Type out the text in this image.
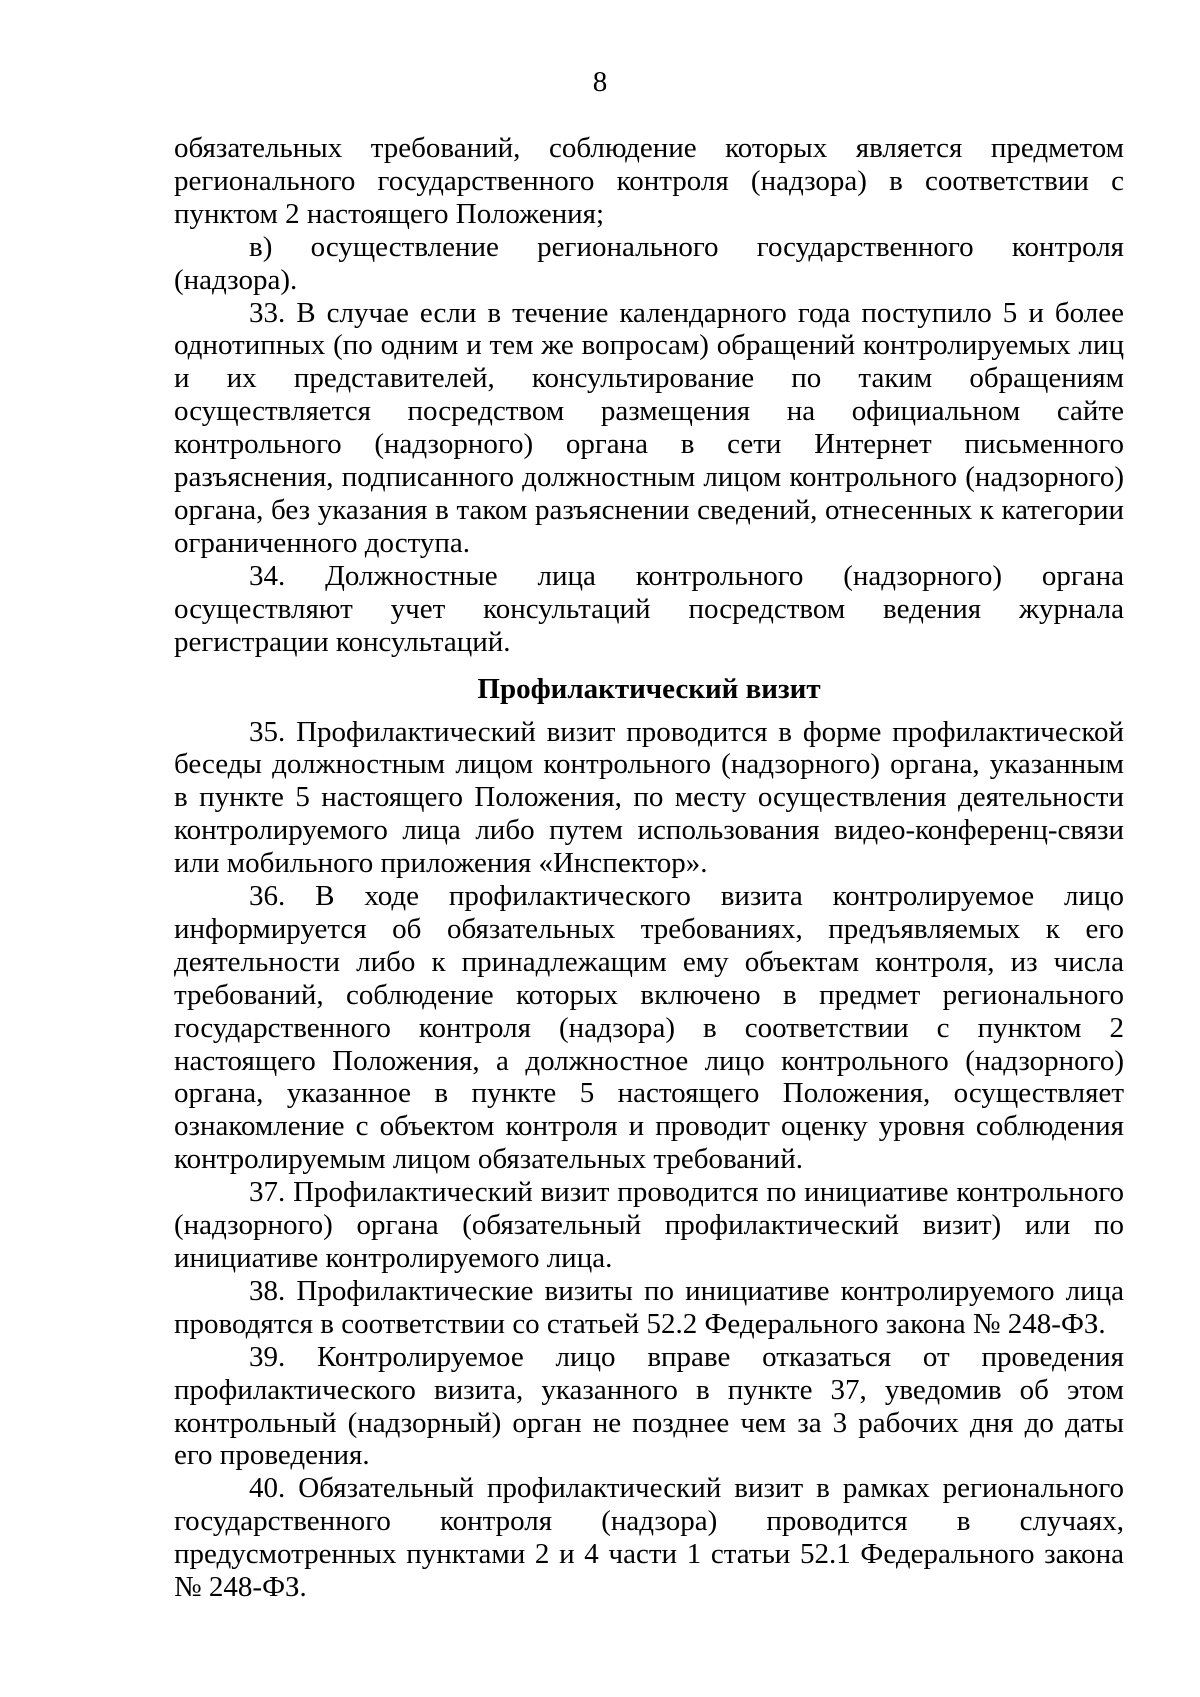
8

обязательных требований, соблюдение которых является предметом регионального государственного контроля (надзора) в соответствии с пунктом 2 настоящего Положения;

в) осуществление регионального государственного контроля (надзора).

33. В случае если в течение календарного года поступило 5 и более однотипных (по одним и тем же вопросам) обращений контролируемых лиц и их представителей, консультирование по таким обращениям осуществляется посредством размещения на официальном сайте контрольного (надзорного) органа в сети Интернет письменного разъяснения, подписанного должностным лицом контрольного (надзорного) органа, без указания в таком разъяснении сведений, отнесенных к категории ограниченного доступа.

34. Должностные лица контрольного (надзорного) органа осуществляют учет консультаций посредством ведения журнала регистрации консультаций.

Профилактический визит

35. Профилактический визит проводится в форме профилактической беседы должностным лицом контрольного (надзорного) органа, указанным в пункте 5 настоящего Положения, по месту осуществления деятельности контролируемого лица либо путем использования видео-конференц-связи или мобильного приложения «Инспектор».

36. В ходе профилактического визита контролируемое лицо информируется об обязательных требованиях, предъявляемых к его деятельности либо к принадлежащим ему объектам контроля, из числа требований, соблюдение которых включено в предмет регионального государственного контроля (надзора) в соответствии с пунктом 2 настоящего Положения, а должностное лицо контрольного (надзорного) органа, указанное в пункте 5 настоящего Положения, осуществляет ознакомление с объектом контроля и проводит оценку уровня соблюдения контролируемым лицом обязательных требований.

37. Профилактический визит проводится по инициативе контрольного (надзорного) органа (обязательный профилактический визит) или по инициативе контролируемого лица.

38. Профилактические визиты по инициативе контролируемого лица проводятся в соответствии со статьей 52.2 Федерального закона № 248-ФЗ.

39. Контролируемое лицо вправе отказаться от проведения профилактического визита, указанного в пункте 37, уведомив об этом контрольный (надзорный) орган не позднее чем за 3 рабочих дня до даты его проведения.

40. Обязательный профилактический визит в рамках регионального государственного контроля (надзора) проводится в случаях, предусмотренных пунктами 2 и 4 части 1 статьи 52.1 Федерального закона № 248-ФЗ.
